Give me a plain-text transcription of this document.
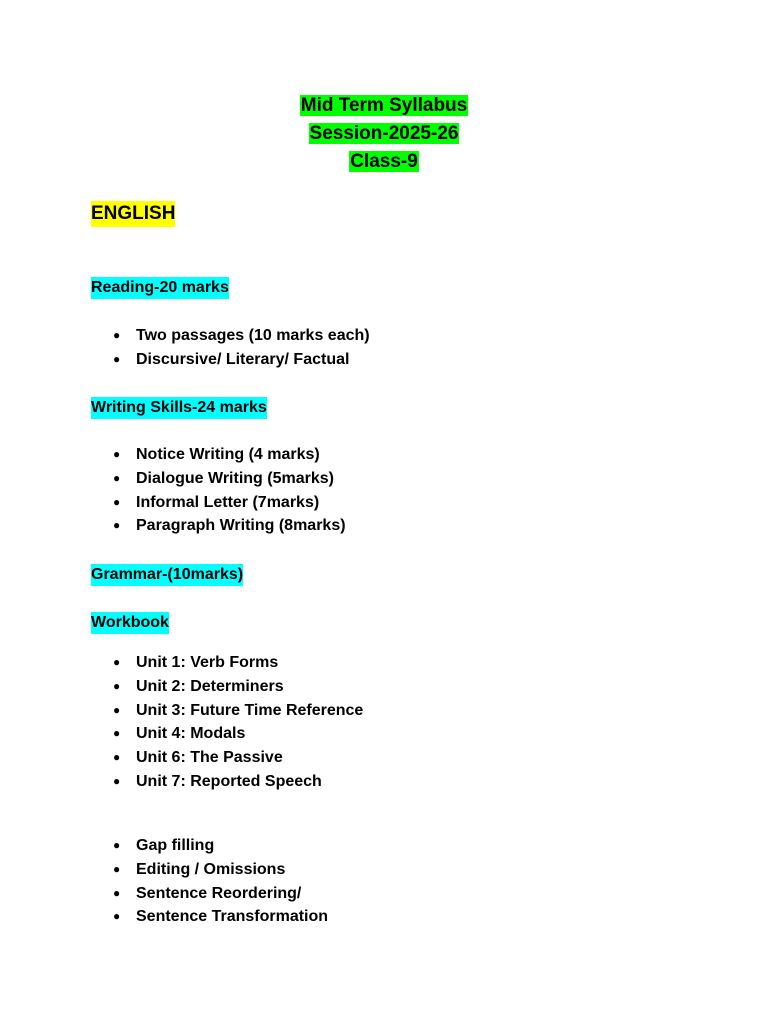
Mid Term Syllabus
Session-2025-26
Class-9
ENGLISH
Reading-20 marks
● Two passages (10 marks each)
● Discursive/ Literary/ Factual
Writing Skills-24 marks
● Notice Writing (4 marks)
● Dialogue Writing (5marks)
● Informal Letter (7marks)
● Paragraph Writing (8marks)
Grammar-(10marks)
Workbook
● Unit 1: Verb Forms
● Unit 2: Determiners
● Unit 3: Future Time Reference
● Unit 4: Modals
● Unit 6: The Passive
● Unit 7: Reported Speech
● Gap filling
● Editing / Omissions
● Sentence Reordering/
● Sentence Transformation
